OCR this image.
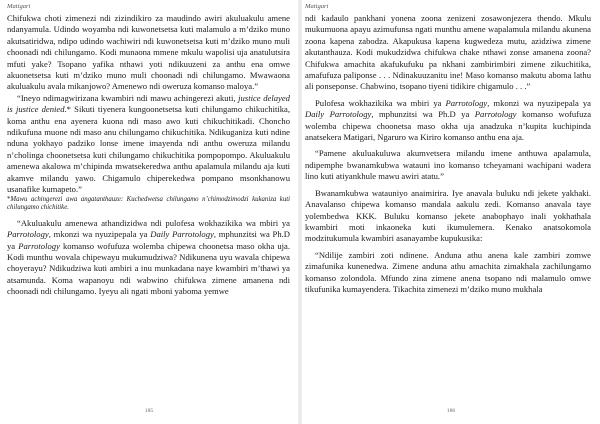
Matigari

Chifukwa choti zimenezi ndi zizindikiro za maudindo awiri akuluakulu amene ndanyamula. Udindo woyamba ndi kuwonetsetsa kuti malamulo a m’dziko muno akutsatiridwa, ndipo udindo wachiwiri ndi kuwonetsetsa kuti m’dziko muno muli choonadi ndi chilungamo. Kodi munaona mmene mkulu wapolisi uja anatulutsira mfuti yake? Tsopano yafika nthawi yoti ndikuuzeni za anthu ena omwe akuonetsetsa kuti m’dziko muno muli choonadi ndi chilungamo. Mwawaona akuluakulu avala mikanjowo? Amenewo ndi oweruza komanso maloya.”

“Ineyo ndimagwirizana kwambiri ndi mawu achingerezi akuti, justice delayed is justice denied.* Sikuti tiyenera kungoonetsetsa kuti chilungamo chikuchitika, koma anthu ena ayenera kuona ndi maso awo kuti chikuchitikadi. Choncho ndikufuna muone ndi maso anu chilungamo chikuchitika. Ndikuganiza kuti ndine nduna yokhayo padziko lonse imene imayenda ndi anthu oweruza milandu n’cholinga choonetsetsa kuti chilungamo chikuchitika pompopompo. Akuluakulu amenewa akalowa m’chipinda mwatsekeredwa anthu apalamula milandu aja kuti akamve milandu yawo. Chigamulo chiperekedwa pompano msonkhanowu usanafike kumapeto.”

*Mawu achingerezi awa angatanthauze: Kuchedwetsa chilungamo n’chimodzimodzi kukaniza kuti chilungamo chichitike.

“Akuluakulu amenewa athandizidwa ndi pulofesa wokhazikika wa mbiri ya Parrotology, mkonzi wa nyuzipepala ya Daily Parrotology, mphunzitsi wa Ph.D ya Parrotology komanso wofufuza wolemba chipewa choonetsa maso okha uja. Kodi munthu wovala chipewayu mukumudziwa? Ndikunena uyu wavala chipewa choyerayu? Ndikudziwa kuti ambiri a inu munkadana naye kwambiri m’thawi ya atsamunda. Koma wapanoyu ndi wabwino chifukwa zimene amanena ndi choonadi ndi chilungamo. Iyeyu ali ngati mboni yaboma yemwe

185
Matigari

ndi kadaulo pankhani yonena zoona zenizeni zosawonjezera thendo. Mkulu mukumuona apayu azimufunsa ngati munthu amene wapalamula milandu akunena zoona kapena zabodza. Akapukusa kapena kugwedeza mutu, azidziwa zimene akutanthauza. Kodi mukudzidwa chifukwa chake nthawi zonse amanena zoona? Chifukwa amachita akafukufuku pa nkhani zambirimbiri zimene zikuchitika, amafufuza paliponse . . . Ndinakuuzanitu ine! Maso komanso makutu aboma lathu ali ponseponse. Chabwino, tsopano tiyeni tidikire chigamulo . . .”

Pulofesa wokhazikika wa mbiri ya Parrotology, mkonzi wa nyuzipepala ya Daily Parrotology, mphunzitsi wa Ph.D ya Parrotology komanso wofufuza wolemba chipewa choonetsa maso okha uja anadzuka n’kupita kuchipinda anatsekera Matigari, Ngaruro wa Kiriro komanso anthu ena aja.

“Pamene akuluakuluwa akumvetsera milandu imene anthuwa apalamula, ndipemphe bwanamkubwa watauni ino komanso tcheyamani wachipani wadera lino kuti atiyankhule mawu awiri atatu.”

Bwanamkubwa watauniyo anaimirira. Iye anavala buluku ndi jekete yakhaki. Anavalanso chipewa komanso mandala aakulu zedi. Komanso anavala taye yolembedwa KKK. Buluku komanso jekete anabophayo inali yokhathala kwambiri moti inkaoneka kuti ikumulemera. Kenako anatsokomola modzitukumula kwambiri asanayambe kupukusika:

“Ndilije zambiri zoti ndinene. Anduna athu anena kale zambiri zomwe zimafunika kunenedwa. Zimene anduna athu amachita zimakhala zachilungamo komanso zolondola. Mfundo zina zimene anena tsopano ndi malamulo omwe tikufunika kumayendera. Tikachita zimenezi m’dziko muno mukhala

186
